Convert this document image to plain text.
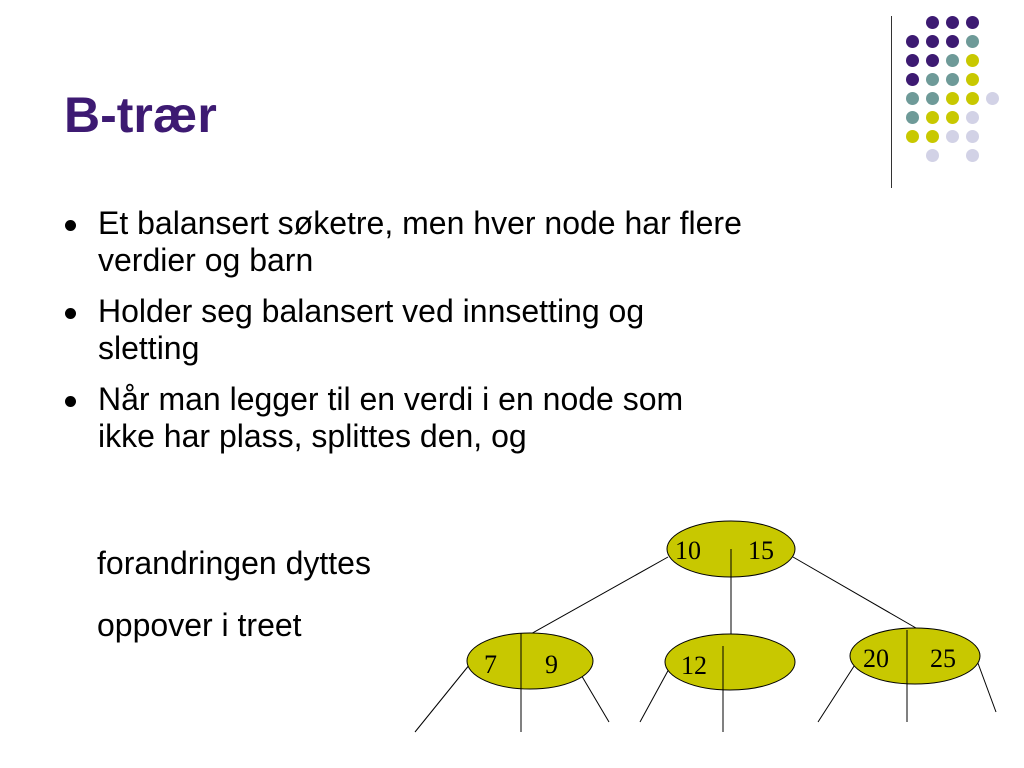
B-trær
Et balansert søketre, men hver node har flere
verdier og barn
Holder seg balansert ved innsetting og
sletting
Når man legger til en verdi i en node som
ikke har plass, splittes den, og
forandringen dyttes
oppover i treet
10 15
7 9	12	20 25
